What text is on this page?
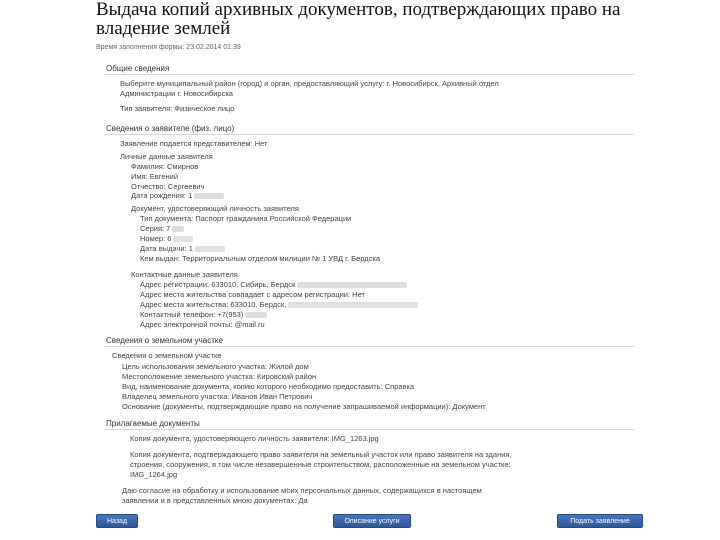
Выдача копий архивных документов, подтверждающих право на владение землей
Время заполнения формы: 23.02.2014 01:39
Общие сведения
Выберите муниципальный район (город) и орган, предоставляющий услугу: г. Новосибирск, Архивный отдел
Администрации г. Новосибирска
Тип заявителя: Физическое лицо
Сведения о заявителе (физ. лицо)
Заявление подается представителем: Нет
Личные данные заявителя
Фамилия: Смирнов
Имя: Евгений
Отчество: Сергеевич
Дата рождения: 1
Документ, удостоверяющий личность заявителя
Тип документа: Паспорт гражданина Российской Федерации
Серия: 7
Номер: 6
Дата выдачи: 1
Кем выдан: Территориальным отделом милиции № 1 УВД г. Бердска
Контактные данные заявителя
Адрес регистрации: 633010, Сибирь, Бердск
Адрес места жительства совпадает с адресом регистрации: Нет
Адрес места жительства: 633010, Бердск,
Контактный телефон: +7(953)
Адрес электронной почты: @mail.ru
Сведения о земельном участке
Сведения о земельном участке
Цель использования земельного участка: Жилой дом
Местоположение земельного участка: Кировский район
Вид, наименование документа, копию которого необходимо предоставить: Справка
Владелец земельного участка: Иванов Иван Петрович
Основание (документы, подтверждающие право на получение запрашиваемой информации): Документ
Прилагаемые документы
Копия документа, удостоверяющего личность заявителя: IMG_1263.jpg
Копия документа, подтверждающего право заявителя на земельный участок или право заявителя на здания,
строения, сооружения, в том числе незавершенные строительством, расположенные на земельном участке:
IMG_1264.jpg
Даю согласие на обработку и использование моих персональных данных, содержащихся в настоящем
заявлении и в представленных мною документах: Да
Назад	Описание услуги	Подать заявление
